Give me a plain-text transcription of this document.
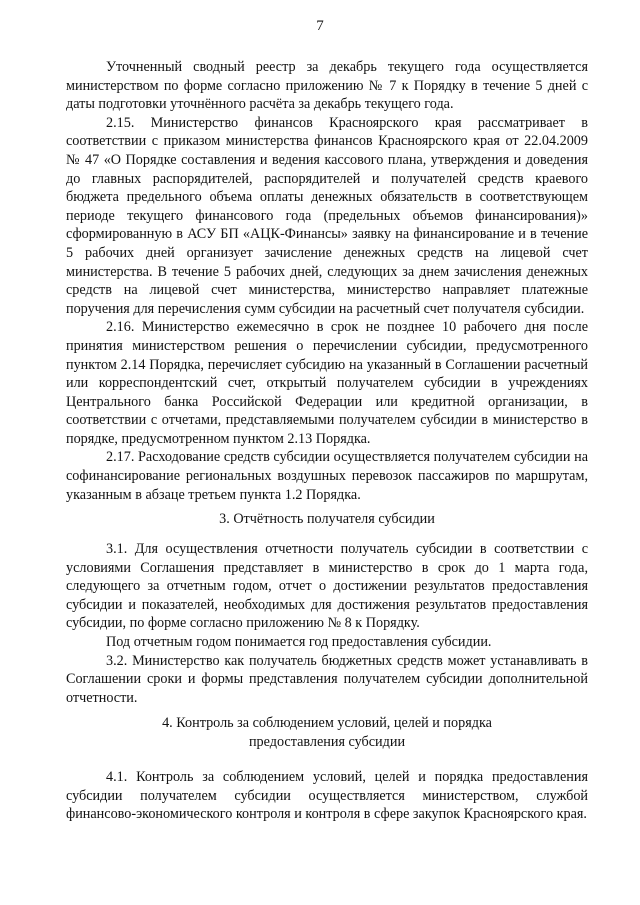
7

Уточненный сводный реестр за декабрь текущего года осуществляется министерством по форме согласно приложению № 7 к Порядку в течение 5 дней с даты подготовки уточнённого расчёта за декабрь текущего года.

2.15. Министерство финансов Красноярского края рассматривает в соответствии с приказом министерства финансов Красноярского края от 22.04.2009 № 47 «О Порядке составления и ведения кассового плана, утверждения и доведения до главных распорядителей, распорядителей и получателей средств краевого бюджета предельного объема оплаты денежных обязательств в соответствующем периоде текущего финансового года (предельных объемов финансирования)» сформированную в АСУ БП «АЦК-Финансы» заявку на финансирование и в течение 5 рабочих дней организует зачисление денежных средств на лицевой счет министерства. В течение 5 рабочих дней, следующих за днем зачисления денежных средств на лицевой счет министерства, министерство направляет платежные поручения для перечисления сумм субсидии на расчетный счет получателя субсидии.

2.16. Министерство ежемесячно в срок не позднее 10 рабочего дня после принятия министерством решения о перечислении субсидии, предусмотренного пунктом 2.14 Порядка, перечисляет субсидию на указанный в Соглашении расчетный или корреспондентский счет, открытый получателем субсидии в учреждениях Центрального банка Российской Федерации или кредитной организации, в соответствии с отчетами, представляемыми получателем субсидии в министерство в порядке, предусмотренном пунктом 2.13 Порядка.

2.17. Расходование средств субсидии осуществляется получателем субсидии на софинансирование региональных воздушных перевозок пассажиров по маршрутам, указанным в абзаце третьем пункта 1.2 Порядка.

3. Отчётность получателя субсидии

3.1. Для осуществления отчетности получатель субсидии в соответствии с условиями Соглашения представляет в министерство в срок до 1 марта года, следующего за отчетным годом, отчет о достижении результатов предоставления субсидии и показателей, необходимых для достижения результатов предоставления субсидии, по форме согласно приложению № 8 к Порядку.

Под отчетным годом понимается год предоставления субсидии.

3.2. Министерство как получатель бюджетных средств может устанавливать в Соглашении сроки и формы представления получателем субсидии дополнительной отчетности.

4. Контроль за соблюдением условий, целей и порядка
предоставления субсидии

4.1. Контроль за соблюдением условий, целей и порядка предоставления субсидии получателем субсидии осуществляется министерством, службой финансово-экономического контроля и контроля в сфере закупок Красноярского края.
